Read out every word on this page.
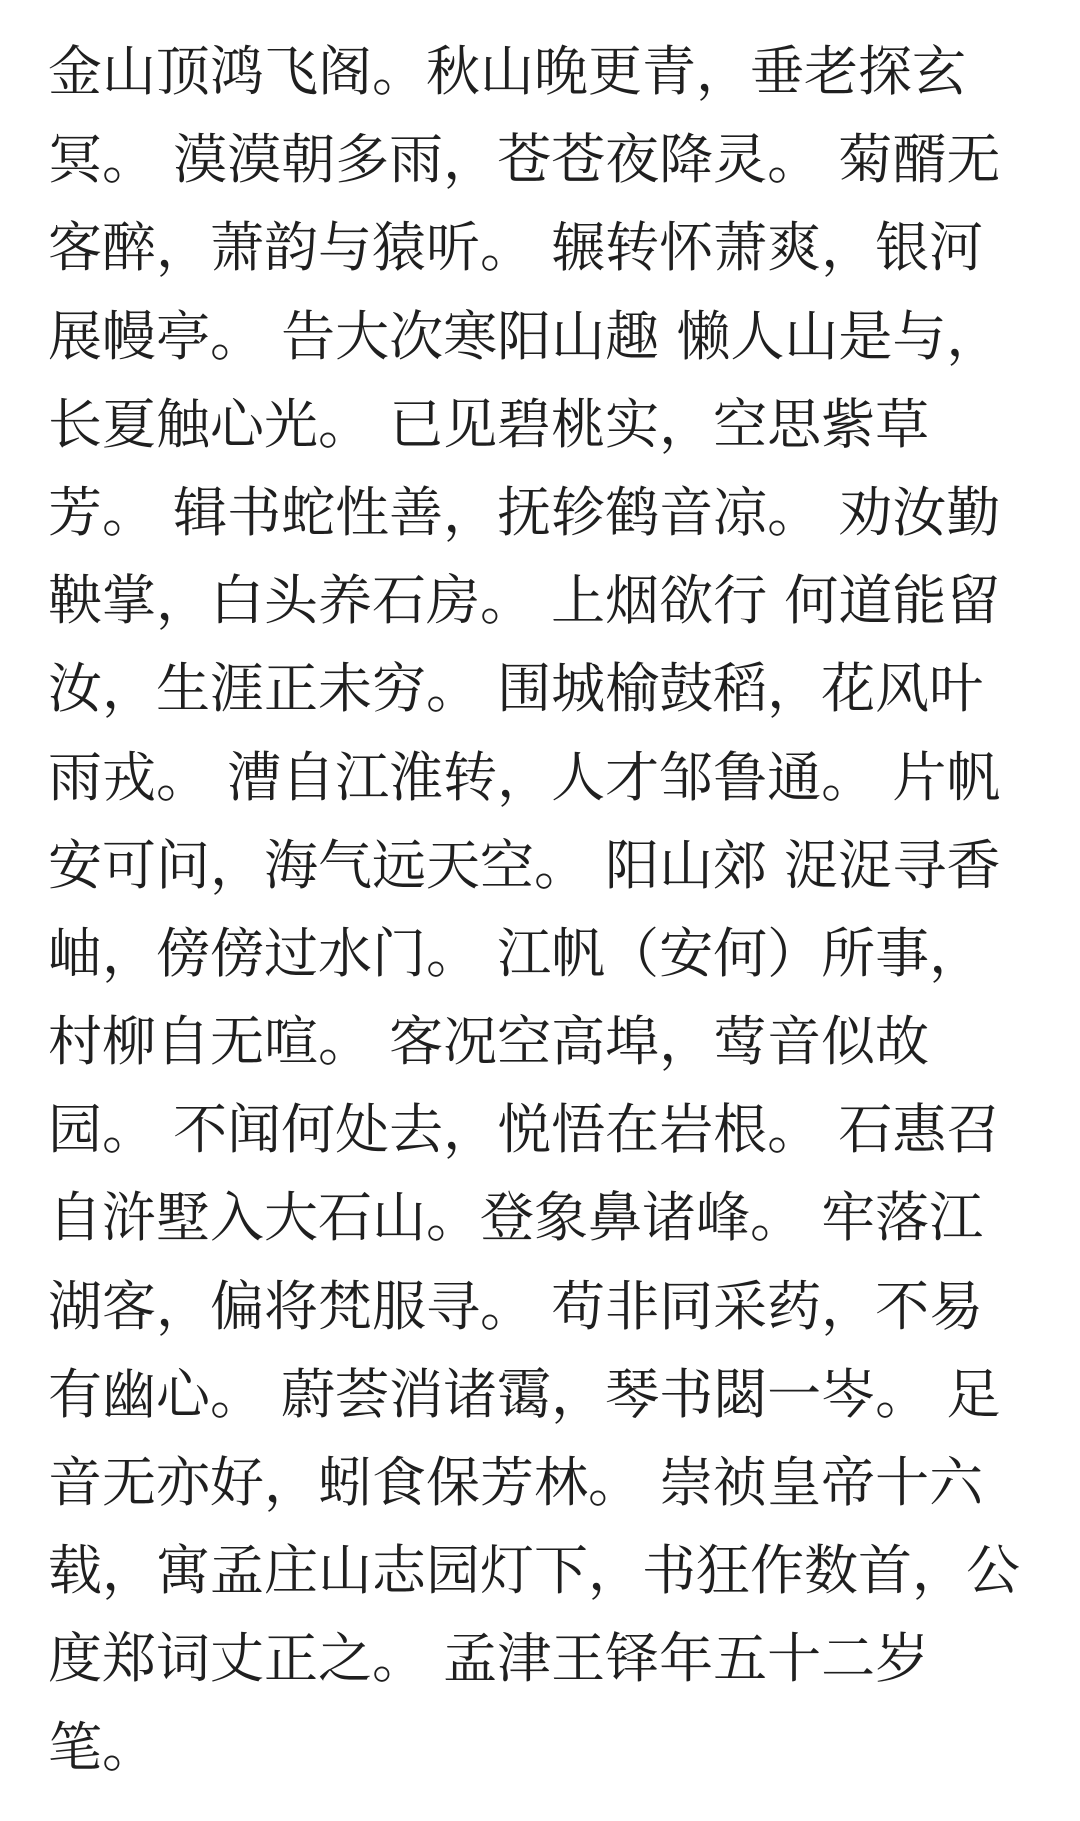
金山顶鸿飞阁。秋山晚更青，垂老探玄
冥。 漠漠朝多雨，苍苍夜降灵。 菊醑无
客醉，萧韵与猿听。 辗转怀萧爽，银河
展幔亭。 告大次寒阳山趣 懒人山是与，
长夏触心光。 已见碧桃实，空思紫草
芳。 辑书蛇性善，抚轸鹤音凉。 劝汝勤
鞅掌，白头养石房。 上烟欲行 何道能留
汝，生涯正未穷。 围城榆鼓稻，花风叶
雨戎。 漕自江淮转，人才邹鲁通。 片帆
安可问，海气远天空。 阳山郊 浞浞寻香
岫，傍傍过水门。 江帆（安何）所事，
村柳自无喧。 客况空高埠，莺音似故
园。 不闻何处去，悦悟在岩根。 石惠召
自浒墅入大石山。登象鼻诸峰。 牢落江
湖客，偏将梵服寻。 苟非同采药，不易
有幽心。 蔚荟消诸霭，琴书閟一岑。 足
音无亦好，蚓食保芳林。 崇祯皇帝十六
载，寓孟庄山志园灯下，书狂作数首，公
度郑词丈正之。 孟津王铎年五十二岁
笔。
